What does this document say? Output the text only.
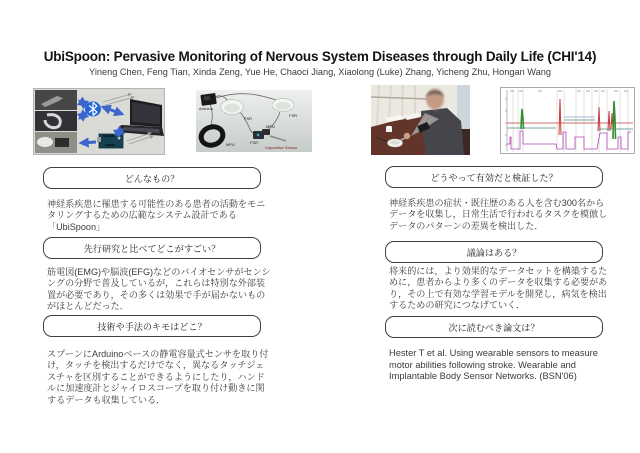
UbiSpoon: Pervasive Monitoring of Nervous System Diseases through Daily Life (CHI'14)
Yineng Chen, Feng Tian, Xinda Zeng, Yue He, Chaoci Jiang, Xiaolong (Luke) Zhang, Yicheng Zhu, Hongan Wang
Arduino
FSR
FSR
MPU
MPU
FSR
Capacitive Sensor
どんなもの？
神経系疾患に罹患する可能性のある患者の活動をモニタリングするための広範なシステム設計である「UbiSpoon」
先行研究と比べてどこがすごい？
筋電図(EMG)や脳波(EFG)などのバイオセンサがセンシングの分野で普及しているが，これらは特別な外部装置が必要であり，その多くは効果で手が届かないものがほとんどだった．
技術や手法のキモはどこ？
スプーンにArduinoベースの静電容量式センサを取り付け，タッチを検出するだけでなく，異なるタッチジェスチャを区別することができるようにしたり，ハンドルに加速度計とジャイロスコープを取り付け動きに関するデータも収集している．
どうやって有効だと検証した？
神経系疾患の症状・既往歴のある人を含む300名からデータを収集し，日常生活で行われるタスクを模倣しデータのパターンの差異を検出した．
議論はある？
将来的には，より効果的なデータセットを構築するために，患者からより多くのデータを収集する必要があり，その上で有効な学習モデルを開発し，病気を検出するための研究につなげていく．
次に読むべき論文は？
Hester T et al. Using wearable sensors to measure motor abilities following stroke. Wearable and Implantable Body Sensor Networks. (BSN'06)
